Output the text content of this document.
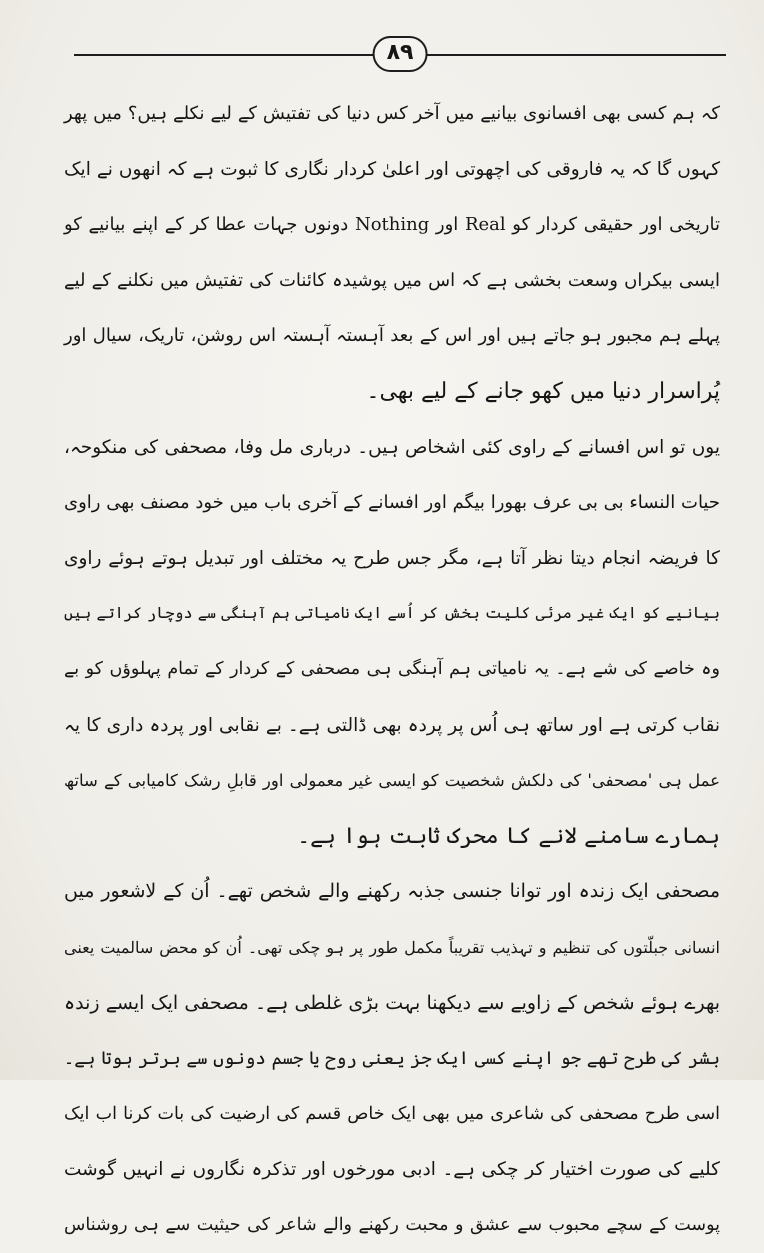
۸۹
کہ ہم کسی بھی افسانوی بیانیے میں آخر کس دنیا کی تفتیش کے لیے نکلے ہیں؟ میں پھر
کہوں گا کہ یہ فاروقی کی اچھوتی اور اعلیٰ کردار نگاری کا ثبوت ہے کہ انھوں نے ایک
تاریخی اور حقیقی کردار کو Real اور Nothing دونوں جہات عطا کر کے اپنے بیانیے کو
ایسی بیکراں وسعت بخشی ہے کہ اس میں پوشیدہ کائنات کی تفتیش میں نکلنے کے لیے
پہلے ہم مجبور ہو جاتے ہیں اور اس کے بعد آہستہ آہستہ اس روشن، تاریک، سیال اور
پُراسرار دنیا میں کھو جانے کے لیے بھی۔
یوں تو اس افسانے کے راوی کئی اشخاص ہیں۔ درباری مل وفا، مصحفی کی منکوحہ،
حیات النساء بی بی عرف بھورا بیگم اور افسانے کے آخری باب میں خود مصنف بھی راوی
کا فریضہ انجام دیتا نظر آتا ہے، مگر جس طرح یہ مختلف اور تبدیل ہوتے ہوئے راوی
بیانیے کو ایک غیر مرئی کلیت بخش کر اُسے ایک نامیاتی ہم آہنگی سے دوچار کراتے ہیں
وہ خاصے کی شے ہے۔ یہ نامیاتی ہم آہنگی ہی مصحفی کے کردار کے تمام پہلوؤں کو بے
نقاب کرتی ہے اور ساتھ ہی اُس پر پردہ بھی ڈالتی ہے۔ بے نقابی اور پردہ داری کا یہ
عمل ہی 'مصحفی' کی دلکش شخصیت کو ایسی غیر معمولی اور قابلِ رشک کامیابی کے ساتھ
ہمارے سامنے لانے کا محرک ثابت ہوا ہے۔
مصحفی ایک زندہ اور توانا جنسی جذبہ رکھنے والے شخص تھے۔ اُن کے لاشعور میں
انسانی جبلّتوں کی تنظیم و تہذیب تقریباً مکمل طور پر ہو چکی تھی۔ اُن کو محض سالمیت یعنی
بھرے ہوئے شخص کے زاویے سے دیکھنا بہت بڑی غلطی ہے۔ مصحفی ایک ایسے زندہ
بشر کی طرح تھے جو اپنے کسی ایک جز یعنی روح یا جسم دونوں سے برتر ہوتا ہے۔
اسی طرح مصحفی کی شاعری میں بھی ایک خاص قسم کی ارضیت کی بات کرنا اب ایک
کلیے کی صورت اختیار کر چکی ہے۔ ادبی مورخوں اور تذکرہ نگاروں نے انہیں گوشت
پوست کے سچے محبوب سے عشق و محبت رکھنے والے شاعر کی حیثیت سے ہی روشناس
